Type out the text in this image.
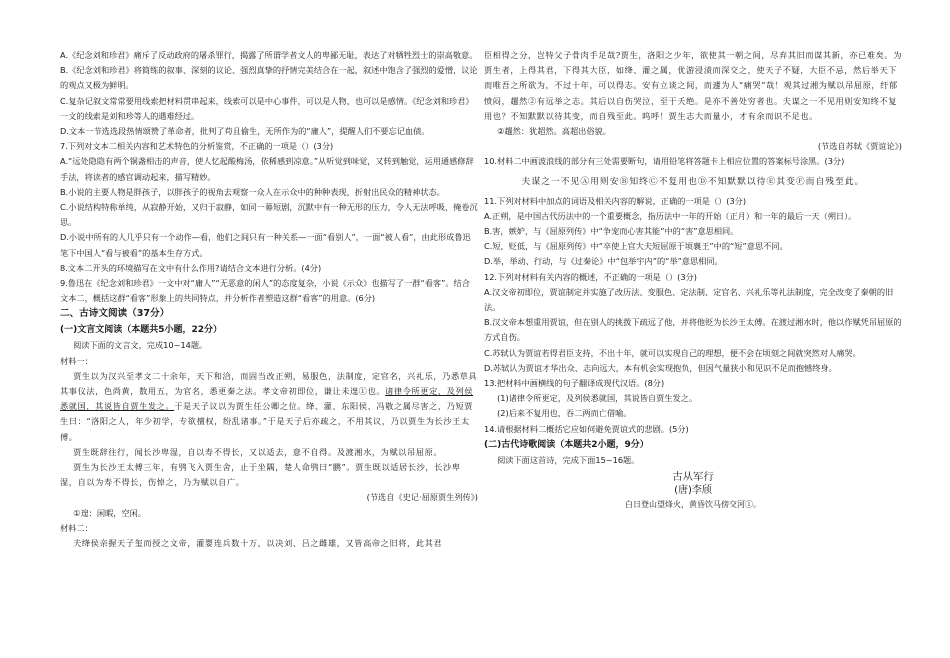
A.《纪念刘和珍君》痛斥了反动政府的屠杀罪行，揭露了所谓学者文人的卑鄙无耻，表达了对牺牲烈士的崇高敬意。

B.《纪念刘和珍君》将简练的叙事、深刻的议论、强烈真挚的抒情完美结合在一起，叙述中饱含了强烈的爱憎，议论的观点又极为鲜明。

C.复杂记叙文常常要用线索把材料贯串起来，线索可以是中心事件，可以是人物，也可以是感情。《纪念刘和珍君》一文的线索是刘和珍等人的遇难经过。

D.文本一节选选段热情颂赞了革命者，批判了苟且偷生，无所作为的“庸人”，提醒人们不要忘记血债。

7.下列对文本二相关内容和艺术特色的分析鉴赏，不正确的一项是（）(3分)

A.“远处隐隐有两个铜盏相击的声音，使人忆起酸梅汤，依稀感到凉意。”从听觉到味觉，又转到触觉，运用通感修辞手法，将读者的感官调动起来，描写精妙。

B.小说的主要人物是胖孩子，以胖孩子的视角去观察一众人在示众中的种种表现，折射出民众的精神状态。

C.小说结构特称单纯，从寂静开始，又归于寂静，如同一幕短剧，沉默中有一种无形的压力，令人无法呼吸，掩卷沉思。

D.小说中所有的人几乎只有一个动作—看，他们之间只有一种关系—一面“看别人”，一面“被人看”，由此形成鲁迅笔下中国人“看与被看”的基本生存方式。

8.文本二开头的环境描写在文中有什么作用?请结合文本进行分析。(4分)

9.鲁迅在《纪念刘和珍君》一文中对“庸人”“无恶意的闲人”的态度复杂，小说《示众》也描写了一群“看客”。结合文本二，概括这群“看客”形象上的共同特点，并分析作者塑造这群“看客”的用意。(6分)

二、古诗文阅读（37分）

(一)文言文阅读（本题共5小题，22分）

阅读下面的文言文，完成10~14题。

材料一：

贾生以为汉兴至孝文二十余年，天下和洽，而固当改正朔，易服色，法制度，定官名，兴礼乐，乃悉草具其事仪法，色尚黄，数用五，为官名，悉更秦之法。孝文帝初即位，谦让未遑①也。诸律令所更定，及列侯悉就国，其说皆自贾生发之。于是天子议以为贾生任公卿之位。绛、灌、东阳侯、冯敬之属尽害之，乃短贾生曰：“洛阳之人，年少初学，专欲擅权，纷乱诸事。”于是天子后亦疏之，不用其议，乃以贾生为长沙王太傅。

贾生既辞往行，闻长沙卑湿，自以寿不得长，又以适去，意不自得。及渡湘水，为赋以吊屈原。

贾生为长沙王太傅三年，有鸮飞入贾生舍，止于坐隅，楚人命鸮曰“鹏”。贾生既以适居长沙，长沙卑湿，自以为寿不得长，伤悼之，乃为赋以自广。

(节选自《史记·屈原贾生列传》)

①遑：闲暇，空闲。

材料二：

夫绛侯亲握天子玺而授之文帝，灌婴连兵数十万，以决刘、吕之雌雄，又皆高帝之旧将，此其君

臣相得之分，岂特父子骨肉手足哉?贾生，洛阳之少年，欲使其一朝之间，尽弃其旧而谋其新，亦已难矣。为贾生者，上得其君，下得其大臣，如绛、灌之属，优游浸渍而深交之，使天子不疑，大臣不忌，然后举天下而唯吾之所欲为，不过十年，可以得志。安有立谈之间，而遽为人“痛哭”哉！观其过湘为赋以吊屈原，纡郁愤闷，趯然②有远举之志。其后以自伤哭泣，至于夭绝。是亦不善处穷者也。夫谋之一不见用则安知终不复用也？不知默默以待其变，而自残至此。呜呼！贾生志大而量小，才有余而识不足也。

②趯然：犹超然。高超出俗貌。

(节选自苏轼《贾谊论》)

10.材料二中画波浪线的部分有三处需要断句，请用铅笔将答题卡上相应位置的答案标号涂黑。(3分)

夫谋之一不见Ⓐ用则安Ⓑ知终Ⓒ不复用也Ⓓ不知默默以待Ⓔ其变Ⓕ而自残至此。

11.下列对材料中加点的词语及相关内容的解说，正确的一项是（）(3分)

A.正朔，是中国古代历法中的一个重要概念，指历法中一年的开始（正月）和一年的最后一天（朔日）。

B.害，嫉妒，与《屈原列传》中“争宠而心害其能”中的“害”意思相同。

C.短，贬低，与《屈原列传》中“卒使上官大夫短屈原于顷襄王”中的“短”意思不同。

D.举，举动、行动，与《过秦论》中“包举宇内”的“举”意思相同。

12.下列对材料有关内容的概述，不正确的一项是（）(3分)

A.汉文帝初即位，贾谊制定并实施了改历法、变服色、定法制、定官名、兴礼乐等礼法制度，完全改变了秦朝的旧法。

B.汉文帝本想重用贾谊，但在别人的挑拨下疏远了他，并将他贬为长沙王太傅。在渡过湘水时，他以作赋凭吊屈原的方式自伤。

C.苏轼认为贾谊若得君臣支持，不出十年，就可以实现自己的理想，便不会在顷刻之间就突然对人痛哭。

D.苏轼认为贾谊才华出众、志向远大，本有机会实现抱负，但因气量狭小和见识不足而抱憾终身。

13.把材料中画横线的句子翻译成现代汉语。(8分)

(1)诸律令所更定，及列侯悉就国，其说皆自贾生发之。

(2)后来不复用也，吞二两而亡借喻。

14.请根据材料二概括它应如何避免贾谊式的悲剧。(5分)

(二)古代诗歌阅读（本题共2小题，9分）

阅读下面这首诗，完成下面15~16题。

古从军行

(唐)李颀

白日登山望烽火，黄昏饮马傍交河①。
